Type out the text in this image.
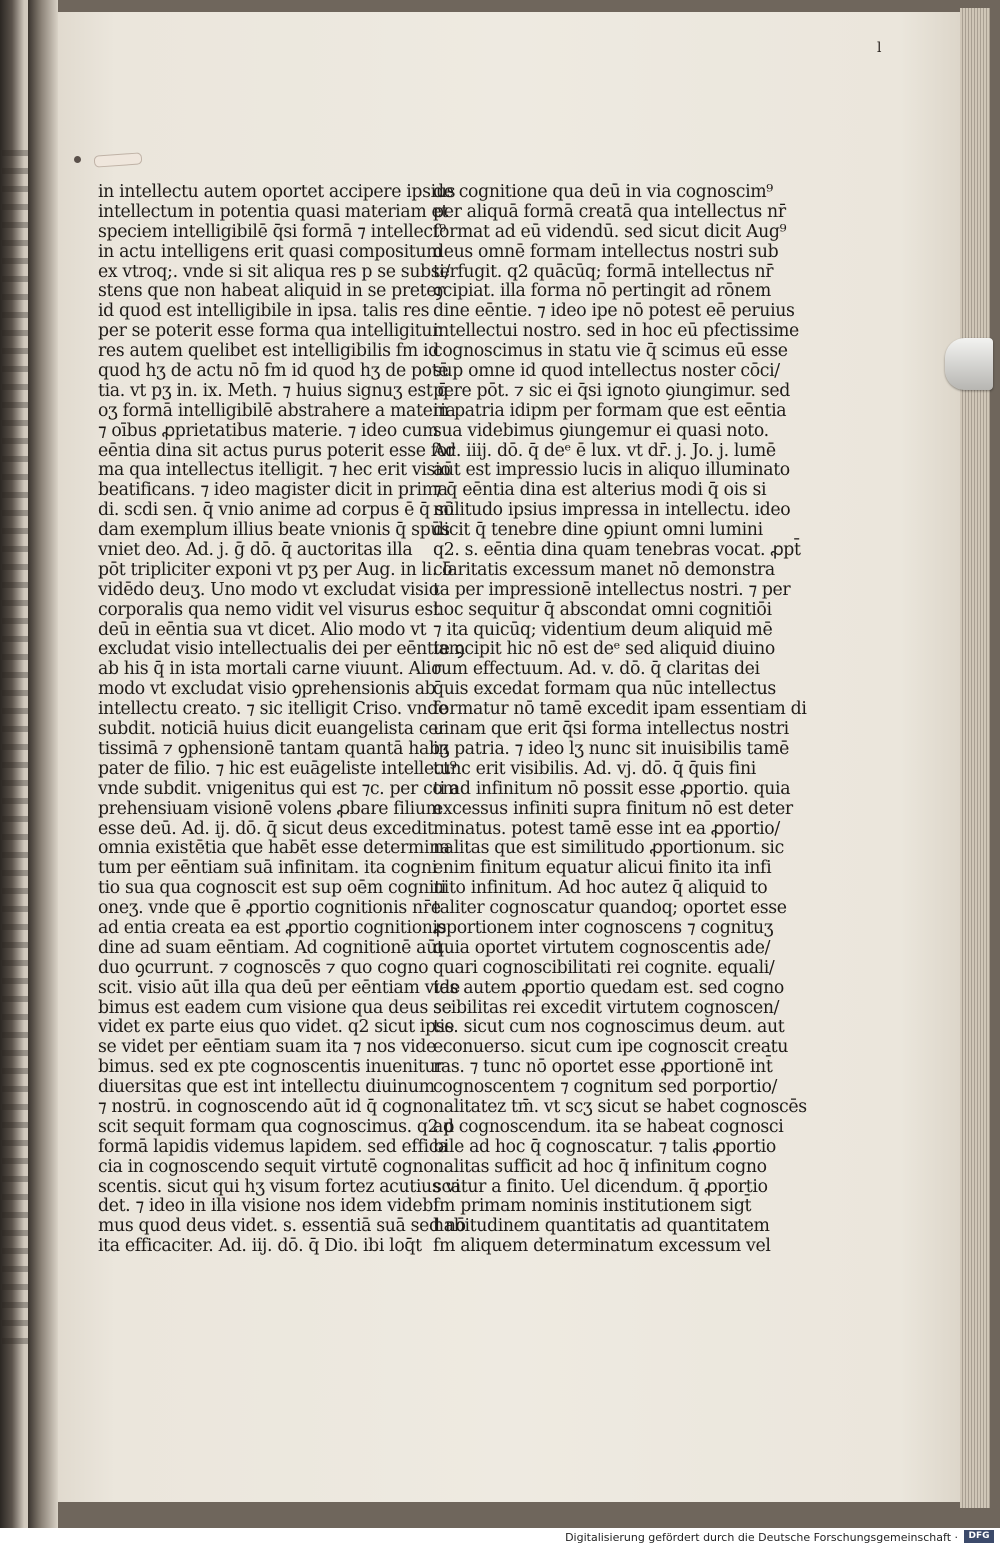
l
in intellectu autem oportet accipere ipsius
intellectum in potentia quasi materiam et
speciem intelligibilē q̄si formā ⁊ intellect⁹
in actu intelligens erit quasi compositum
ex vtroq;. vnde si sit aliqua res p se subsi/
stens que non habeat aliquid in se preter
id quod est intelligibile in ipsa. talis res
per se poterit esse forma qua intelligitur.
res autem quelibet est intelligibilis fm id
quod hʒ de actu nō fm id quod hʒ de potē
tia. vt pʒ in. ix. Meth. ⁊ huius signuʒ est q̄
oʒ formā intelligibilē abstrahere a materia
⁊ oībus ꝓprietatibus materie. ⁊ ideo cum
eēntia dina sit actus purus poterit esse for
ma qua intellectus itelligit. ⁊ hec erit visio
beatificans. ⁊ ideo magister dicit in prima
di. scdi sen. q̄ vnio anime ad corpus ē q̄ sō
dam exemplum illius beate vnionis q̄ spūs
vniet deo. Ad. j. ḡ dō. q̄ auctoritas illa
pōt tripliciter exponi vt pʒ per Aug. in li. ō
vidēdo deuʒ. Uno modo vt excludat visio
corporalis qua nemo vidit vel visurus est
deū in eēntia sua vt dicet. Alio modo vt
excludat visio intellectualis dei per eēntiam
ab his q̄ in ista mortali carne viuunt. Alio
modo vt excludat visio ꝯprehensionis ab
intellectu creato. ⁊ sic itelligit Criso. vnde
subdit. noticiā huius dicit euangelista cer
tissimā ⁊ ꝯphensionē tantam quantā habʒ
pater de filio. ⁊ hic est euāgeliste intellect⁹
vnde subdit. vnigenitus qui est ⁊c. per com
prehensiuam visionē volens ꝓbare filium
esse deū. Ad. ij. dō. q̄ sicut deus excedit
omnia existētia que habēt esse determina
tum per eēntiam suā infinitam. ita cogni
tio sua qua cognoscit est sup oēm cogniti
oneʒ. vnde que ē ꝓportio cognitionis nr̄e
ad entia creata ea est ꝓportio cognitionis
dine ad suam eēntiam. Ad cognitionē aūt
duo ꝯcurrunt. ⁊ cognoscēs ⁊ quo cogno
scit. visio aūt illa qua deū per eēntiam vide
bimus est eadem cum visione qua deus se
videt ex parte eius quo videt. q2 sicut ipse
se videt per eēntiam suam ita ⁊ nos vide
bimus. sed ex pte cognoscentis inuenitur
diuersitas que est int intellectu diuinum
⁊ nostrū. in cognoscendo aūt id q̄ cogno
scit sequit formam qua cognoscimus. q2 p
formā lapidis videmus lapidem. sed effica
cia in cognoscendo sequit virtutē cogno
scentis. sicut qui hʒ visum fortez acutius vi
det. ⁊ ideo in illa visione nos idem videbi
mus quod deus videt. s. essentiā suā sed nō
ita efficaciter. Ad. iij. dō. q̄ Dio. ibi loq̄t
de cognitione qua deū in via cognoscim⁹
per aliquā formā creatā qua intellectus nr̄
format ad eū videndū. sed sicut dicit Aug⁹
deus omnē formam intellectus nostri sub
terfugit. q2 quācūq; formā intellectus nr̄
ꝯcipiat. illa forma nō pertingit ad rōnem
dine eēntie. ⁊ ideo ipe nō potest eē peruius
intellectui nostro. sed in hoc eū pfectissime
cognoscimus in statu vie q̄ scimus eū esse
sup omne id quod intellectus noster cōci/
pere pōt. ⁊ sic ei q̄si ignoto ꝯiungimur. sed
in patria idipm per formam que est eēntia
sua videbimus ꝯiungemur ei quasi noto.
Ad. iiij. dō. q̄ deᵉ ē lux. vt dr̄. j. Jo. j. lumē
aūt est impressio lucis in aliquo illuminato
⁊ q̄ eēntia dina est alterius modi q̄ ois si
militudo ipsius impressa in intellectu. ideo
dicit q̄ tenebre dine ꝯpiunt omni lumini
q2. s. eēntia dina quam tenebras vocat. ꝓpt̄
claritatis excessum manet nō demonstra
ta per impressionē intellectus nostri. ⁊ per
hoc sequitur q̄ abscondat omni cognitiōi
⁊ ita quicūq; videntium deum aliquid mē
te ꝯcipit hic nō est deᵉ sed aliquid diuino
rum effectuum. Ad. v. dō. q̄ claritas dei
q̄uis excedat formam qua nūc intellectus
formatur nō tamē excedit ipam essentiam di
uinam que erit q̄si forma intellectus nostri
in patria. ⁊ ideo lʒ nunc sit inuisibilis tamē
tunc erit visibilis. Ad. vj. dō. q̄ q̄uis fini
ti ad infinitum nō possit esse ꝓportio. quia
excessus infiniti supra finitum nō est deter
minatus. potest tamē esse int ea ꝓportio/
nalitas que est similitudo ꝓportionum. sic
enim finitum equatur alicui finito ita infi
nito infinitum. Ad hoc autez q̄ aliquid to
taliter cognoscatur quandoq; oportet esse
ꝓportionem inter cognoscens ⁊ cognituʒ
quia oportet virtutem cognoscentis ade/
quari cognoscibilitati rei cognite. equali/
tas autem ꝓportio quedam est. sed cogno
scibilitas rei excedit virtutem cognoscen/
tis. sicut cum nos cognoscimus deum. aut
econuerso. sicut cum ipe cognoscit creatu
ras. ⁊ tunc nō oportet esse ꝓportionē int̄
cognoscentem ⁊ cognitum sed porportio/
nalitatez tm̄. vt scʒ sicut se habet cognoscēs
ad cognoscendum. ita se habeat cognosci
bile ad hoc q̄ cognoscatur. ⁊ talis ꝓportio
nalitas sufficit ad hoc q̄ infinitum cogno
scatur a finito. Uel dicendum. q̄ ꝓportio
fm primam nominis institutionem sigt̄
habitudinem quantitatis ad quantitatem
fm aliquem determinatum excessum vel
Digitalisierung gefördert durch die Deutsche Forschungsgemeinschaft ·	DFG
